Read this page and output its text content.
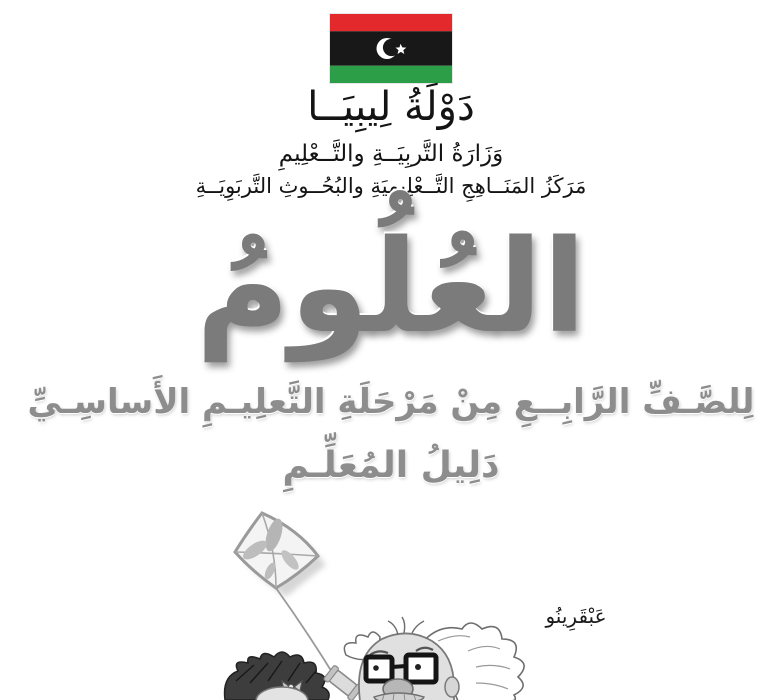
دَوْلَةُ لِيبِيَــا
وَزَارَةُ التَّربِيَــةِ والتَّــعْلِيمِ
مَرَكَزُ المَنَــاهِجِ التَّــعْلِيمِيَةِ والبُحُــوثِ التَّربَوِيَــةِ
العُلُومُ
لِلصَّـفِّ الرَّابِــعِ مِنْ مَرْحَلَةِ التَّعلِيـمِ الأَساسِـيِّ
دَلِيلُ المُعَلِّـمِ
عَبْقَرِينُو
